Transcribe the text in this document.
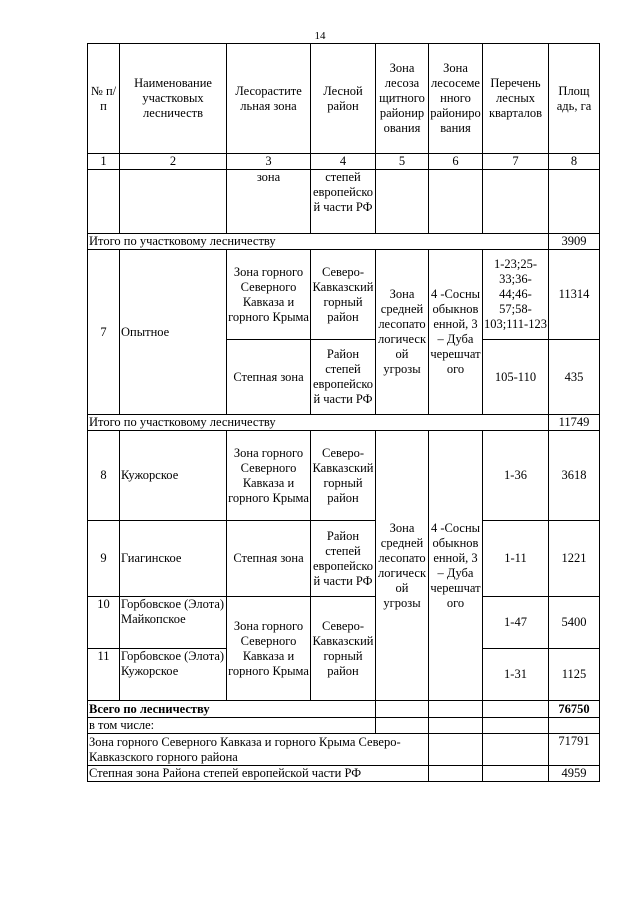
14
№ п/п	Наименование участковых лесничеств	Лесорастите льная зона	Лесной район	Зона лесоза щитного районирования	Зона лесосеменного районирования	Перечень лесных кварталов	Площ адь, га
1	2	3	4	5	6	7	8
		зона	степей европейской части РФ				
Итого по участковому лесничеству							3909
7	Опытное	Зона горного Северного Кавказа и горного Крыма	Северо-Кавказский горный район	Зона средней лесопатологической угрозы	4 -Сосны обыкновенной, 3 – Дуба черешчатого	1-23;25-33;36-44;46-57;58-103;111-123	11314
		Степная зона	Район степей европейской части РФ			105-110	435
Итого по участковому лесничеству							11749
8	Кужорское	Зона горного Северного Кавказа и горного Крыма	Северо-Кавказский горный район	Зона средней лесопатологической угрозы	4 -Сосны обыкновенной, 3 – Дуба черешчатого	1-36	3618
9	Гиагинское	Степная зона	Район степей европейской части РФ			1-11	1221
10	Горбовское (Элота) Майкопское	Зона горного Северного Кавказа и горного Крыма	Северо-Кавказский горный район			1-47	5400
11	Горбовское (Элота) Кужорское					1-31	1125
Всего по лесничеству							76750
в том числе:							
Зона горного Северного Кавказа и горного Крыма Северо-Кавказского горного района							71791
Степная зона Района степей европейской части РФ							4959
